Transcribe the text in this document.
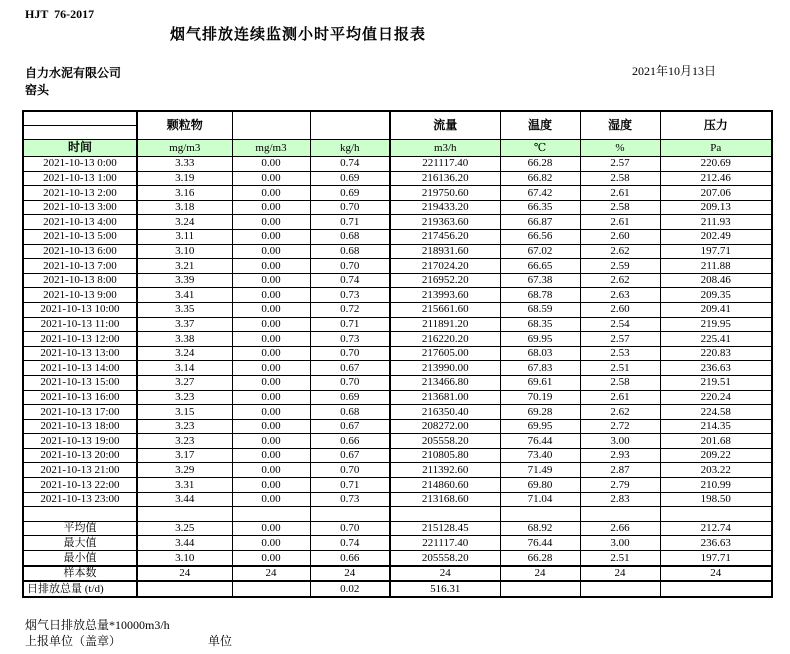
HJT  76-2017
烟气排放连续监测小时平均值日报表
自力水泥有限公司
窑头
2021年10月13日
	颗粒物			流量	温度	湿度	压力

时间	mg/m3	mg/m3	kg/h	m3/h	℃	%	Pa
2021-10-13 0:00	3.33	0.00	0.74	221117.40	66.28	2.57	220.69
2021-10-13 1:00	3.19	0.00	0.69	216136.20	66.82	2.58	212.46
2021-10-13 2:00	3.16	0.00	0.69	219750.60	67.42	2.61	207.06
2021-10-13 3:00	3.18	0.00	0.70	219433.20	66.35	2.58	209.13
2021-10-13 4:00	3.24	0.00	0.71	219363.60	66.87	2.61	211.93
2021-10-13 5:00	3.11	0.00	0.68	217456.20	66.56	2.60	202.49
2021-10-13 6:00	3.10	0.00	0.68	218931.60	67.02	2.62	197.71
2021-10-13 7:00	3.21	0.00	0.70	217024.20	66.65	2.59	211.88
2021-10-13 8:00	3.39	0.00	0.74	216952.20	67.38	2.62	208.46
2021-10-13 9:00	3.41	0.00	0.73	213993.60	68.78	2.63	209.35
2021-10-13 10:00	3.35	0.00	0.72	215661.60	68.59	2.60	209.41
2021-10-13 11:00	3.37	0.00	0.71	211891.20	68.35	2.54	219.95
2021-10-13 12:00	3.38	0.00	0.73	216220.20	69.95	2.57	225.41
2021-10-13 13:00	3.24	0.00	0.70	217605.00	68.03	2.53	220.83
2021-10-13 14:00	3.14	0.00	0.67	213990.00	67.83	2.51	236.63
2021-10-13 15:00	3.27	0.00	0.70	213466.80	69.61	2.58	219.51
2021-10-13 16:00	3.23	0.00	0.69	213681.00	70.19	2.61	220.24
2021-10-13 17:00	3.15	0.00	0.68	216350.40	69.28	2.62	224.58
2021-10-13 18:00	3.23	0.00	0.67	208272.00	69.95	2.72	214.35
2021-10-13 19:00	3.23	0.00	0.66	205558.20	76.44	3.00	201.68
2021-10-13 20:00	3.17	0.00	0.67	210805.80	73.40	2.93	209.22
2021-10-13 21:00	3.29	0.00	0.70	211392.60	71.49	2.87	203.22
2021-10-13 22:00	3.31	0.00	0.71	214860.60	69.80	2.79	210.99
2021-10-13 23:00	3.44	0.00	0.73	213168.60	71.04	2.83	198.50

平均值	3.25	0.00	0.70	215128.45	68.92	2.66	212.74
最大值	3.44	0.00	0.74	221117.40	76.44	3.00	236.63
最小值	3.10	0.00	0.66	205558.20	66.28	2.51	197.71
样本数	24	24	24	24	24	24	24
日排放总量 (t/d)			0.02	516.31			
烟气日排放总量*10000m3/h
上报单位（盖章）	单位
